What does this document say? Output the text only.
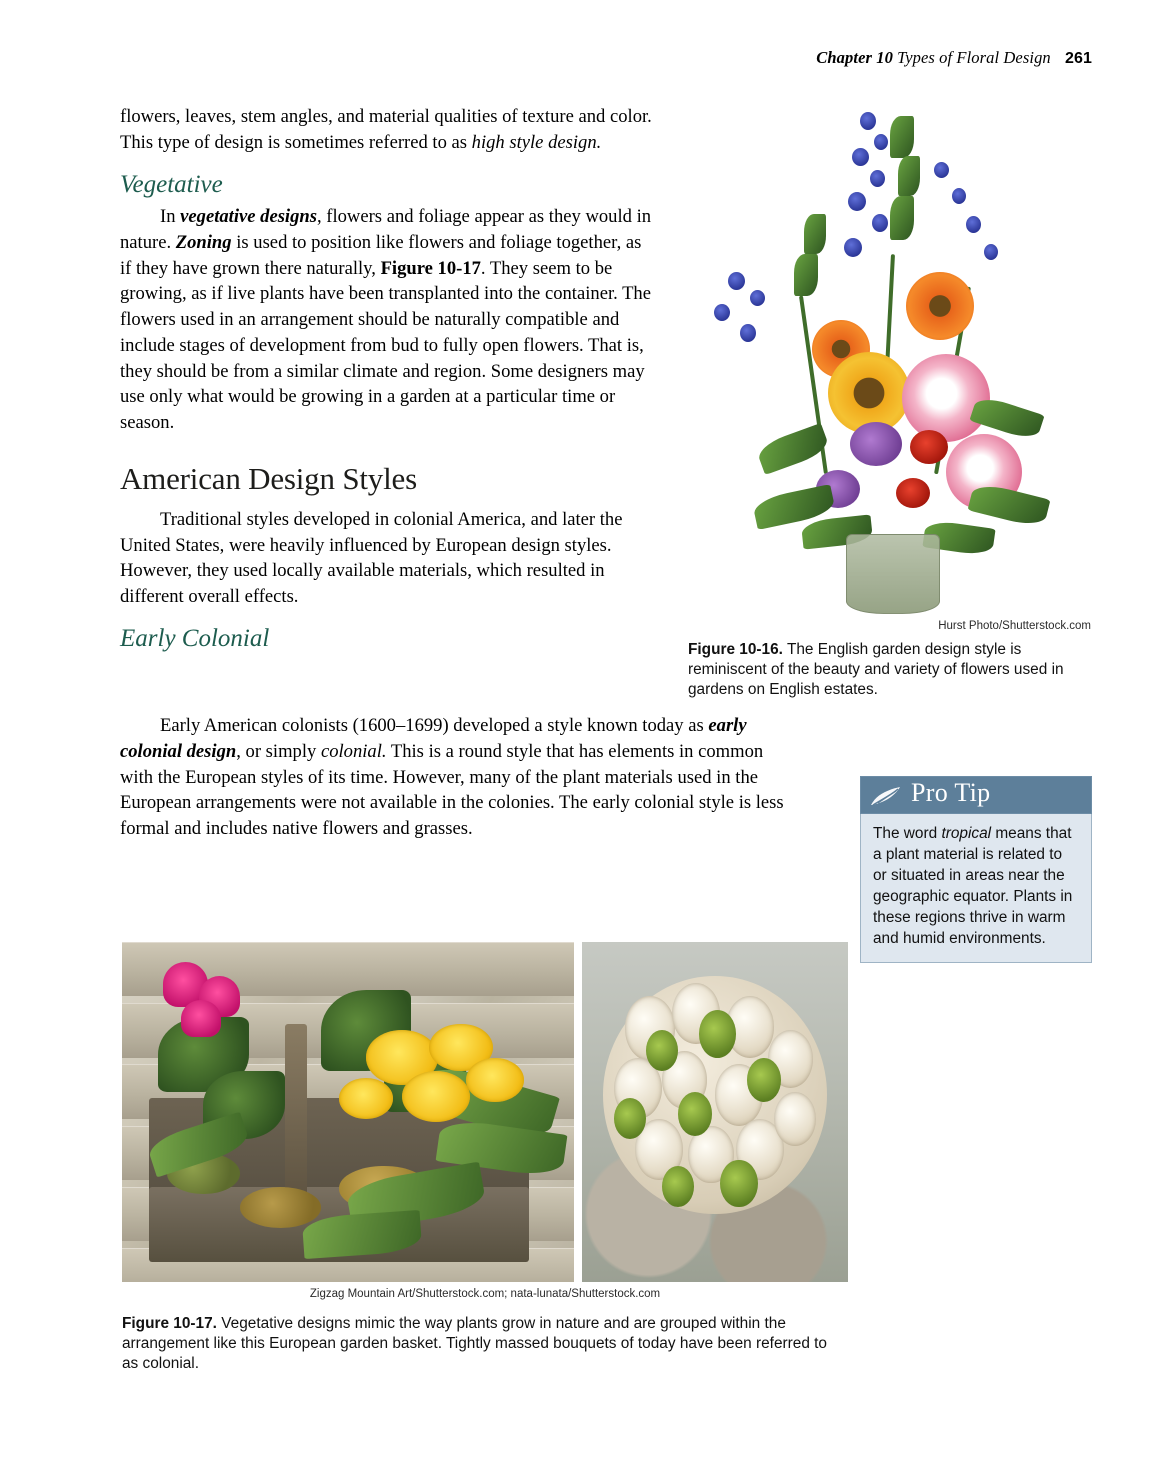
Chapter 10 Types of Floral Design 261

flowers, leaves, stem angles, and material qualities of texture and color. This type of design is sometimes referred to as high style design.

Vegetative

In vegetative designs, flowers and foliage appear as they would in nature. Zoning is used to position like flowers and foliage together, as if they have grown there naturally, Figure 10-17. They seem to be growing, as if live plants have been transplanted into the container. The flowers used in an arrangement should be naturally compatible and include stages of development from bud to fully open flowers. That is, they should be from a similar climate and region. Some designers may use only what would be growing in a garden at a particular time or season.

American Design Styles

Traditional styles developed in colonial America, and later the United States, were heavily influenced by European design styles. However, they used locally available materials, which resulted in different overall effects.

Early Colonial

Early American colonists (1600–1699) developed a style known today as early colonial design, or simply colonial. This is a round style that has elements in common with the European styles of its time. However, many of the plant materials used in the European arrangements were not available in the colonies. The early colonial style is less formal and includes native flowers and grasses.

Hurst Photo/Shutterstock.com
Figure 10-16. The English garden design style is reminiscent of the beauty and variety of flowers used in gardens on English estates.
Pro Tip
The word tropical means that a plant material is related to or situated in areas near the geographic equator. Plants in these regions thrive in warm and humid environments.
Zigzag Mountain Art/Shutterstock.com; nata-lunata/Shutterstock.com
Figure 10-17. Vegetative designs mimic the way plants grow in nature and are grouped within the arrangement like this European garden basket. Tightly massed bouquets of today have been referred to as colonial.
